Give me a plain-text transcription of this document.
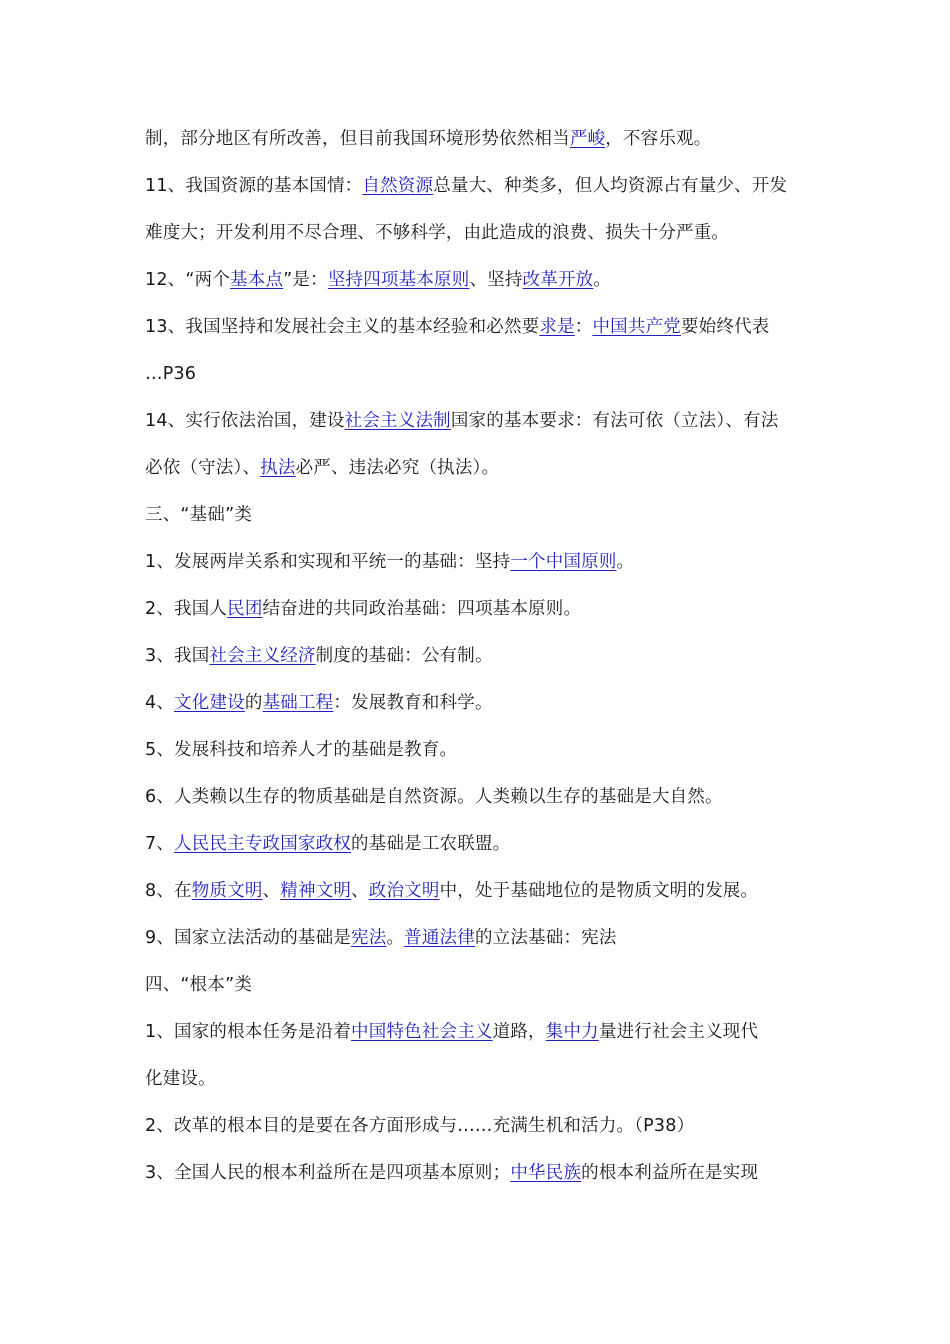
制，部分地区有所改善，但目前我国环境形势依然相当严峻，不容乐观。
11、我国资源的基本国情：自然资源总量大、种类多，但人均资源占有量少、开发
难度大；开发利用不尽合理、不够科学，由此造成的浪费、损失十分严重。
12、“两个基本点”是：坚持四项基本原则、坚持改革开放。
13、我国坚持和发展社会主义的基本经验和必然要求是：中国共产党要始终代表
…P36
14、实行依法治国，建设社会主义法制国家的基本要求：有法可依（立法）、有法
必依（守法）、执法必严、违法必究（执法）。
三、“基础”类
1、发展两岸关系和实现和平统一的基础：坚持一个中国原则。
2、我国人民团结奋进的共同政治基础：四项基本原则。
3、我国社会主义经济制度的基础：公有制。
4、文化建设的基础工程：发展教育和科学。
5、发展科技和培养人才的基础是教育。
6、人类赖以生存的物质基础是自然资源。人类赖以生存的基础是大自然。
7、人民民主专政国家政权的基础是工农联盟。
8、在物质文明、精神文明、政治文明中，处于基础地位的是物质文明的发展。
9、国家立法活动的基础是宪法。普通法律的立法基础：宪法
四、“根本”类
1、国家的根本任务是沿着中国特色社会主义道路，集中力量进行社会主义现代
化建设。
2、改革的根本目的是要在各方面形成与……充满生机和活力。（P38）
3、全国人民的根本利益所在是四项基本原则；中华民族的根本利益所在是实现
